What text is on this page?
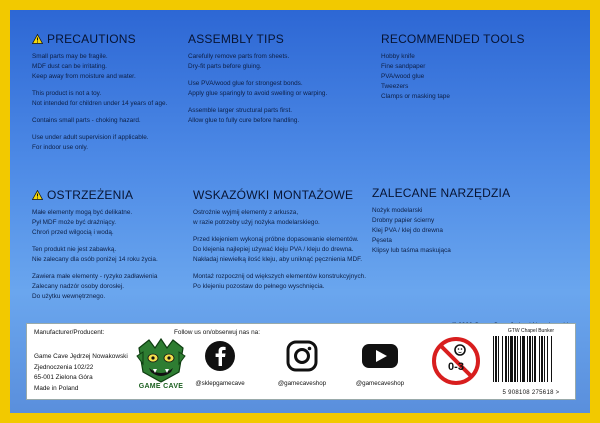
PRECAUTIONS

Small parts may be fragile.

MDF dust can be irritating.

Keep away from moisture and water.

This product is not a toy.

Not intended for children under 14 years of age.

Contains small parts - choking hazard.

Use under adult supervision if applicable.

For indoor use only.

ASSEMBLY TIPS

Carefully remove parts from sheets.

Dry-fit parts before gluing.

Use PVA/wood glue for strongest bonds.

Apply glue sparingly to avoid swelling or warping.

Assemble larger structural parts first.

Allow glue to fully cure before handling.

RECOMMENDED TOOLS

Hobby knife

Fine sandpaper

PVA/wood glue

Tweezers

Clamps or masking tape

OSTRZEŻENIA

Małe elementy mogą być delikatne.

Pył MDF może być drażniący.

Chroń przed wilgocią i wodą.

Ten produkt nie jest zabawką.

Nie zalecany dla osób poniżej 14 roku życia.

Zawiera małe elementy - ryzyko zadławienia

Zalecany nadzór osoby dorosłej.

Do użytku wewnętrznego.

WSKAZÓWKI MONTAŻOWE

Ostrożnie wyjmij elementy z arkusza,

w razie potrzeby użyj nożyka modelarskiego.

Przed klejeniem wykonaj próbne dopasowanie elementów.

Do klejenia najlepiej używać kleju PVA / kleju do drewna.

Nakładaj niewielką ilość kleju, aby uniknąć pęcznienia MDF.

Montaż rozpocznij od większych elementów konstrukcyjnych.

Po klejeniu pozostaw do pełnego wyschnięcia.

ZALECANE NARZĘDZIA

Nożyk modelarski

Drobny papier ścierny

Klej PVA / klej do drewna

Pęseta

Klipsy lub taśma maskująca

Manufacturer/Producent:
Game Cave Jędrzej Nowakowski
Zjednoczenia 102/22
65-001 Zielona Góra
Made in Poland	GAME CAVE
Follow us on/obserwuj nas na:
@sklepgamecave	@gamecaveshop	@gamecaveshop
0-3
GTW Chapel Bunker
5 908108 275618 >
